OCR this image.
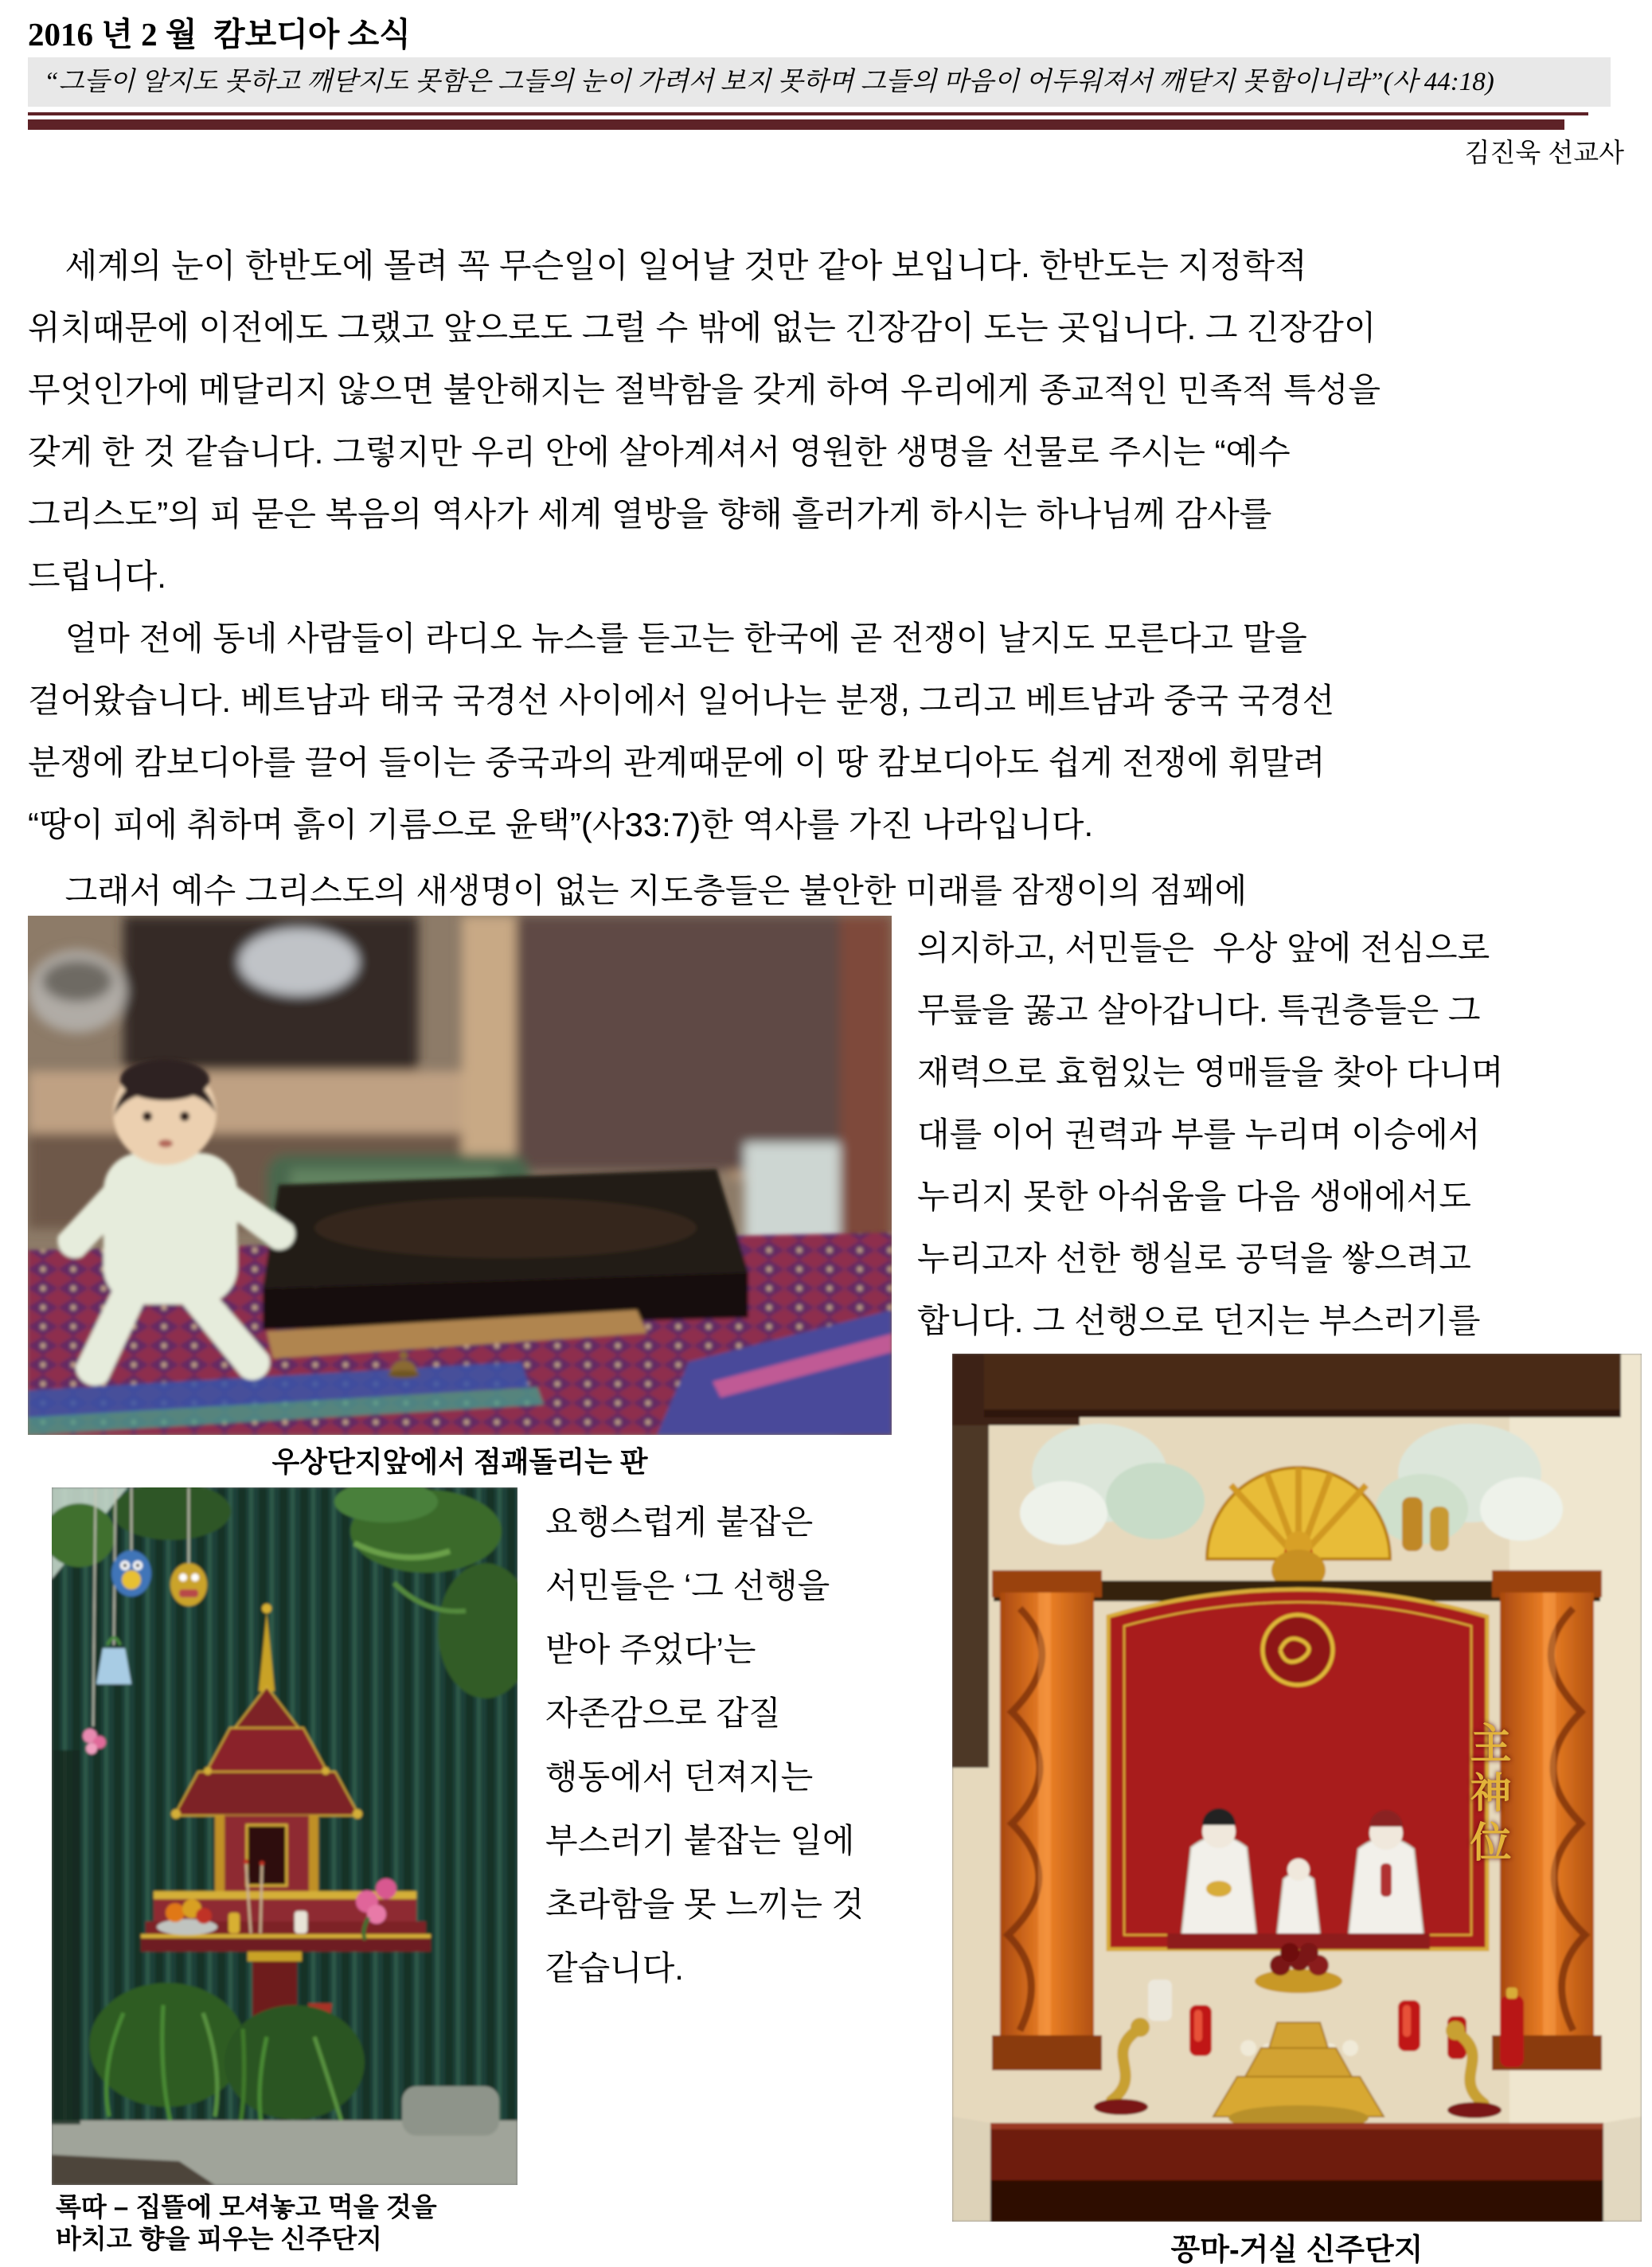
2016 년 2 월  캄보디아 소식
“그들이 알지도 못하고 깨닫지도 못함은 그들의 눈이 가려서 보지 못하며 그들의 마음이 어두워져서 깨닫지 못함이니라”(사 44:18)
김진욱 선교사
세계의 눈이 한반도에 몰려 꼭 무슨일이 일어날 것만 같아 보입니다. 한반도는 지정학적
위치때문에 이전에도 그랬고 앞으로도 그럴 수 밖에 없는 긴장감이 도는 곳입니다. 그 긴장감이
무엇인가에 메달리지 않으면 불안해지는 절박함을 갖게 하여 우리에게 종교적인 민족적 특성을
갖게 한 것 같습니다. 그렇지만 우리 안에 살아계셔서 영원한 생명을 선물로 주시는 “예수
그리스도”의 피 묻은 복음의 역사가 세계 열방을 향해 흘러가게 하시는 하나님께 감사를
드립니다.
얼마 전에 동네 사람들이 라디오 뉴스를 듣고는 한국에 곧 전쟁이 날지도 모른다고 말을
걸어왔습니다. 베트남과 태국 국경선 사이에서 일어나는 분쟁, 그리고 베트남과 중국 국경선
분쟁에 캄보디아를 끌어 들이는 중국과의 관계때문에 이 땅 캄보디아도 쉽게 전쟁에 휘말려
“땅이 피에 취하며 흙이 기름으로 윤택”(사33:7)한 역사를 가진 나라입니다.
그래서 예수 그리스도의 새생명이 없는 지도층들은 불안한 미래를 잠쟁이의 점꽤에
의지하고, 서민들은  우상 앞에 전심으로
무릎을 꿇고 살아갑니다. 특권층들은 그
재력으로 효험있는 영매들을 찾아 다니며
대를 이어 권력과 부를 누리며 이승에서
누리지 못한 아쉬움을 다음 생애에서도
누리고자 선한 행실로 공덕을 쌓으려고
합니다. 그 선행으로 던지는 부스러기를
요행스럽게 붙잡은
서민들은 ‘그 선행을
받아 주었다’는
자존감으로 갑질
행동에서 던져지는
부스러기 붙잡는 일에
초라함을 못 느끼는 것
같습니다.
우상단지앞에서 점괘돌리는 판
록따 – 집뜰에 모셔놓고 먹을 것을
바치고 향을 피우는 신주단지
主神位
꽁마-거실 신주단지
